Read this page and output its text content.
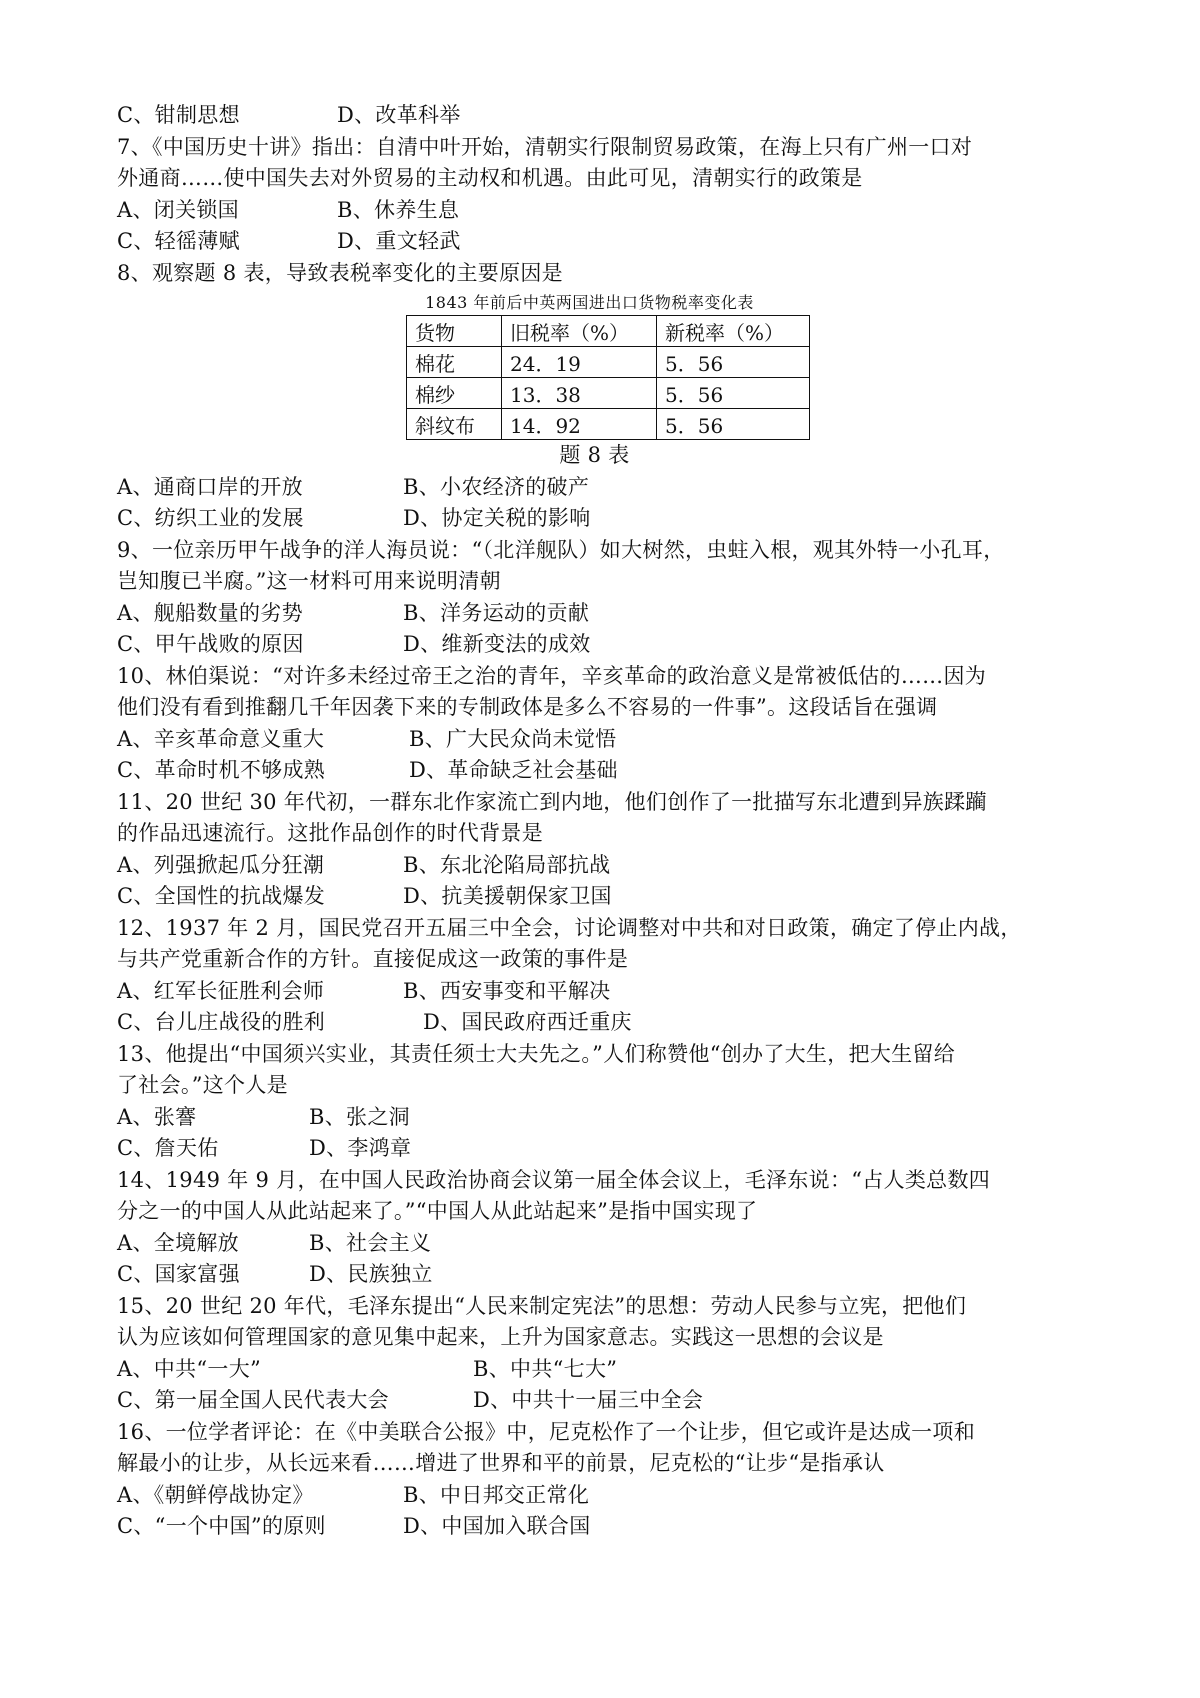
C、钳制思想	D、改革科举
7、《中国历史十讲》指出：自清中叶开始，清朝实行限制贸易政策，在海上只有广州一口对
外通商……使中国失去对外贸易的主动权和机遇。由此可见，清朝实行的政策是
A、闭关锁国	B、休养生息
C、轻徭薄赋	D、重文轻武
8、观察题 8 表，导致表税率变化的主要原因是
1843 年前后中英两国进出口货物税率变化表
货物	旧税率（%）	新税率（%）
棉花	24．19	5．56
棉纱	13．38	5．56
斜纹布	14．92	5．56
题 8 表
A、通商口岸的开放	B、小农经济的破产
C、纺织工业的发展	D、协定关税的影响
9、一位亲历甲午战争的洋人海员说：“（北洋舰队）如大树然，虫蛀入根，观其外特一小孔耳，
岂知腹已半腐。”这一材料可用来说明清朝
A、舰船数量的劣势	B、洋务运动的贡献
C、甲午战败的原因	D、维新变法的成效
10、林伯渠说：“对许多未经过帝王之治的青年，辛亥革命的政治意义是常被低估的……因为
他们没有看到推翻几千年因袭下来的专制政体是多么不容易的一件事”。这段话旨在强调
A、辛亥革命意义重大	B、广大民众尚未觉悟
C、革命时机不够成熟	D、革命缺乏社会基础
11、20 世纪 30 年代初，一群东北作家流亡到内地，他们创作了一批描写东北遭到异族蹂躏
的作品迅速流行。这批作品创作的时代背景是
A、列强掀起瓜分狂潮	B、东北沦陷局部抗战
C、全国性的抗战爆发	D、抗美援朝保家卫国
12、1937 年 2 月，国民党召开五届三中全会，讨论调整对中共和对日政策，确定了停止内战，
与共产党重新合作的方针。直接促成这一政策的事件是
A、红军长征胜利会师	B、西安事变和平解决
C、台儿庄战役的胜利	D、国民政府西迁重庆
13、他提出“中国须兴实业，其责任须士大夫先之。”人们称赞他“创办了大生，把大生留给
了社会。”这个人是
A、张謇	B、张之洞
C、詹天佑	D、李鸿章
14、1949 年 9 月，在中国人民政治协商会议第一届全体会议上，毛泽东说：“占人类总数四
分之一的中国人从此站起来了。”“中国人从此站起来”是指中国实现了
A、全境解放	B、社会主义
C、国家富强	D、民族独立
15、20 世纪 20 年代，毛泽东提出“人民来制定宪法”的思想：劳动人民参与立宪，把他们
认为应该如何管理国家的意见集中起来，上升为国家意志。实践这一思想的会议是
A、中共“一大”	B、中共“七大”
C、第一届全国人民代表大会	D、中共十一届三中全会
16、一位学者评论：在《中美联合公报》中，尼克松作了一个让步，但它或许是达成一项和
解最小的让步，从长远来看……增进了世界和平的前景，尼克松的“让步“是指承认
A、《朝鲜停战协定》	B、中日邦交正常化
C、“一个中国”的原则	D、中国加入联合国
